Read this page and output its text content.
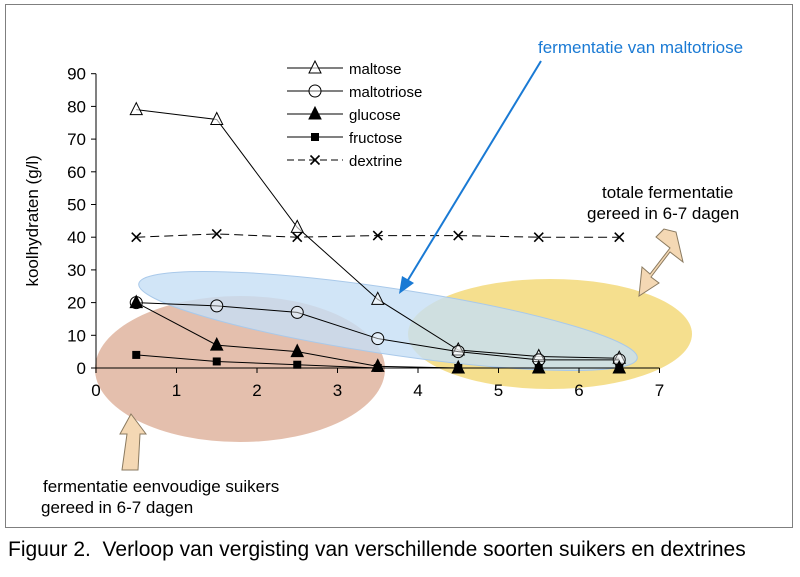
0
10
20
30
40
50
60
70
80
90
0	1	2	3	4	5	6	7
koolhydraten (g/l)
maltose
maltotriose
glucose
fructose
dextrine
fermentatie van maltotriose
totale fermentatie
gereed in 6-7 dagen
fermentatie eenvoudige suikers
gereed in 6-7 dagen
Figuur 2.  Verloop van vergisting van verschillende soorten suikers en dextrines
